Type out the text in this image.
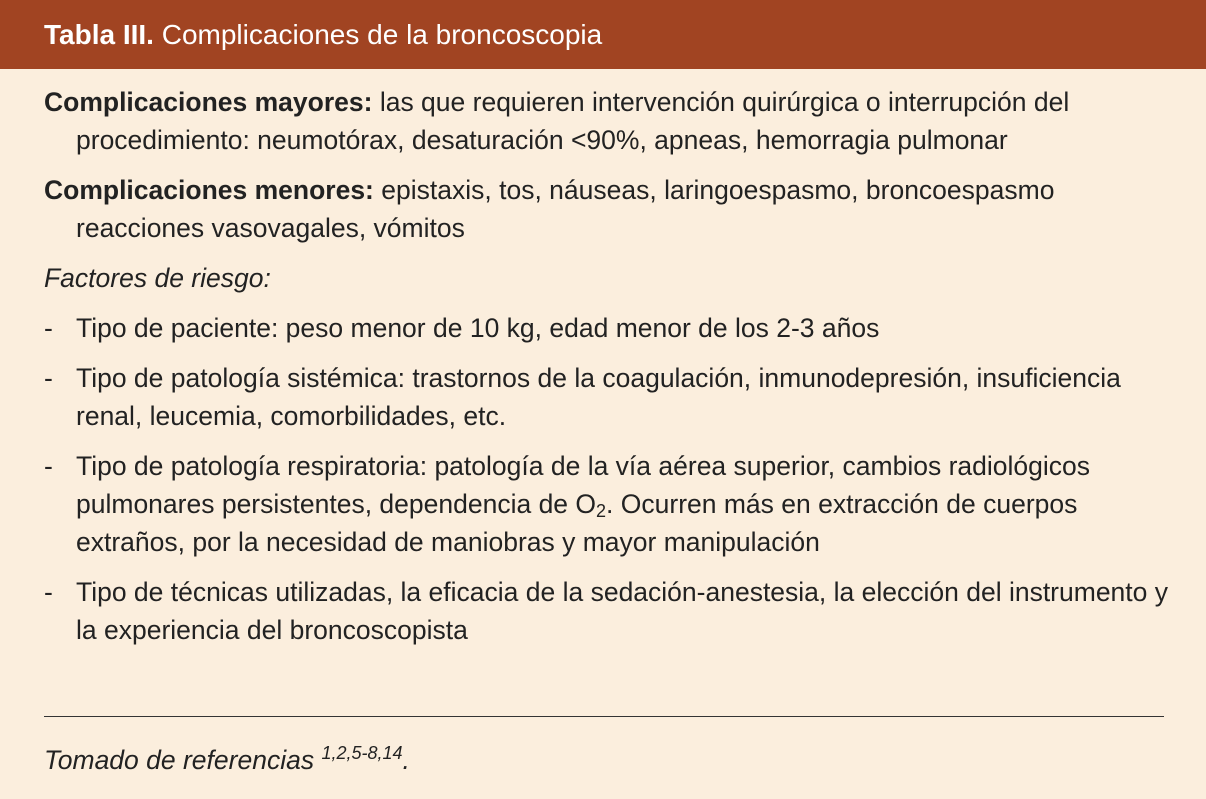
Tabla III. Complicaciones de la broncoscopia
Complicaciones mayores: las que requieren intervención quirúrgica o interrupción del procedimiento: neumotórax, desaturación <90%, apneas, hemorragia pulmonar
Complicaciones menores: epistaxis, tos, náuseas, laringoespasmo, broncoespasmo reacciones vasovagales, vómitos
Factores de riesgo:
- Tipo de paciente: peso menor de 10 kg, edad menor de los 2-3 años
- Tipo de patología sistémica: trastornos de la coagulación, inmunodepresión, insuficiencia renal, leucemia, comorbilidades, etc.
- Tipo de patología respiratoria: patología de la vía aérea superior, cambios radiológicos pulmonares persistentes, dependencia de $O_2$. Ocurren más en extracción de cuerpos extraños, por la necesidad de maniobras y mayor manipulación
- Tipo de técnicas utilizadas, la eficacia de la sedación-anestesia, la elección del instrumento y la experiencia del broncoscopista
Tomado de referencias $^{1,2,5-8,14}$.
